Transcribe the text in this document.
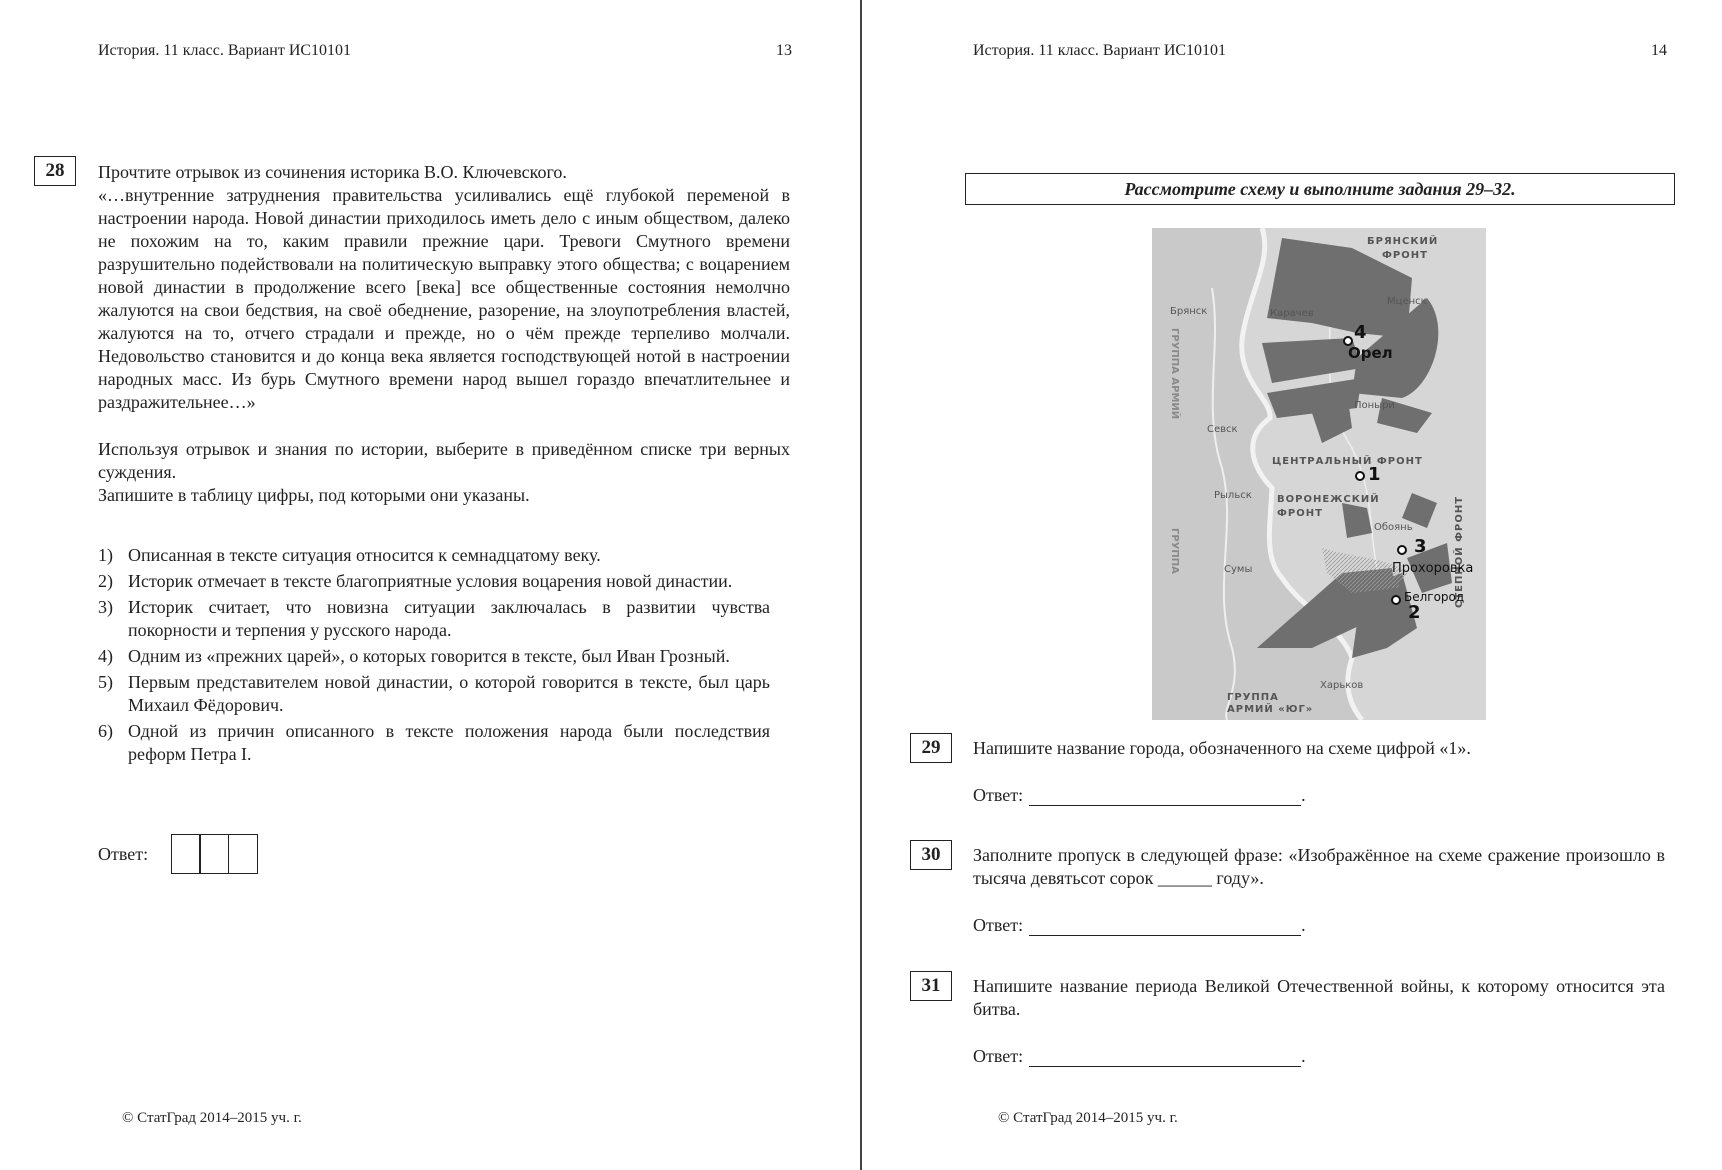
История. 11 класс. Вариант ИС10101	13
28	Прочтите отрывок из сочинения историка В.О. Ключевского.

«…внутренние затруднения правительства усиливались ещё глубокой переменой в настроении народа. Новой династии приходилось иметь дело с иным обществом, далеко не похожим на то, каким правили прежние цари. Тревоги Смутного времени разрушительно подействовали на политическую выправку этого общества; с воцарением новой династии в продолжение всего [века] все общественные состояния немолчно жалуются на свои бедствия, на своё обеднение, разорение, на злоупотребления властей, жалуются на то, отчего страдали и прежде, но о чём прежде терпеливо молчали. Недовольство становится и до конца века является господствующей нотой в настроении народных масс. Из бурь Смутного времени народ вышел гораздо впечатлительнее и раздражительнее…»

Используя отрывок и знания по истории, выберите в приведённом списке три верных суждения.

Запишите в таблицу цифры, под которыми они указаны.

1) Описанная в тексте ситуация относится к семнадцатому веку.
2) Историк отмечает в тексте благоприятные условия воцарения новой династии.
3) Историк считает, что новизна ситуации заключалась в развитии чувства покорности и терпения у русского народа.
4) Одним из «прежних царей», о которых говорится в тексте, был Иван Грозный.
5) Первым представителем новой династии, о которой говорится в тексте, был царь Михаил Фёдорович.
6) Одной из причин описанного в тексте положения народа были последствия реформ Петра I.
Ответ:
© СтатГрад 2014–2015 уч. г.
История. 11 класс. Вариант ИС10101	14
Рассмотрите схему и выполните задания 29–32.
ГРУППА АРМИЙ
ГРУППА
БРЯНСКИЙ
ФРОНТ
Брянск	Карачев
Мценск
Поныри
Севск
ЦЕНТРАЛЬНЫЙ ФРОНТ
Рыльск	ВОРОНЕЖСКИЙ
ФРОНТ
Обоянь
Сумы
Харьков
ГРУППА
АРМИЙ «ЮГ»
СТЕПНОЙ ФРОНТ
4
Орел
1
3
Прохоровка
Белгород
2
29	Напишите название города, обозначенного на схеме цифрой «1».
Ответ:	.
30	Заполните пропуск в следующей фразе: «Изображённое на схеме сражение произошло в тысяча девятьсот сорок ______ году».
Ответ:	.
31	Напишите название периода Великой Отечественной войны, к которому относится эта битва.
Ответ:	.
© СтатГрад 2014–2015 уч. г.
